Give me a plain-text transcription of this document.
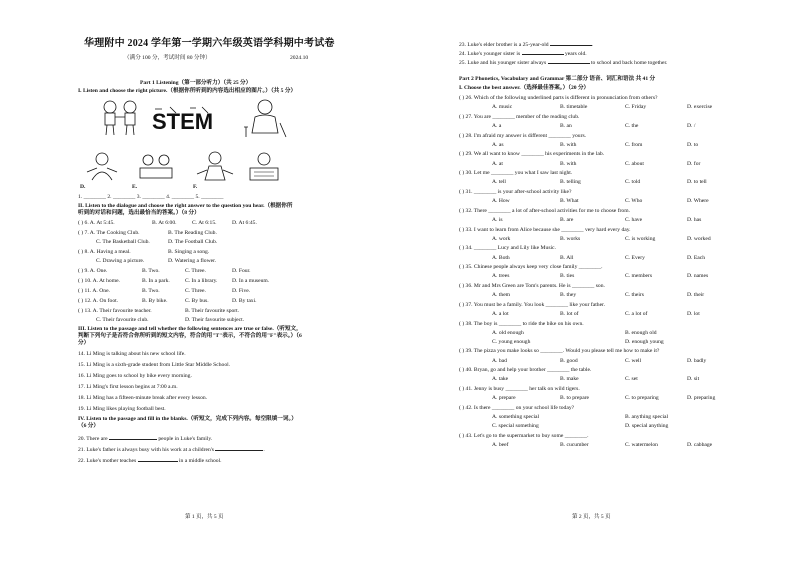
华理附中 2024 学年第一学期六年级英语学科期中考试卷
（满分 100 分，考试时间 80 分钟）	2024.10
Part 1 Listening（第一部分听力）（共 25 分）
I. Listen and choose the right picture.（根据你所听到的内容选出相应的图片。）（共 5 分）
STEM
D.	E.	F.
1. ________ 2. ________ 3. ________ 4. ________ 5. ________
II. Listen to the dialogue and choose the right answer to the question you hear.（根据你所
听到的对话和问题，选出最恰当的答案。）（8 分）
( ) 6. A. At 5:45.	B. At 6:00.	C. At 6:15.	D. At 6:45.
( ) 7. A. The Cooking Club.	B. The Reading Club.
C. The Basketball Club.	D. The Football Club.
( ) 8. A. Having a meal.	B. Singing a song.
C. Drawing a picture.	D. Watering a flower.
( ) 9. A. One.	B. Two.	C. Three.	D. Four.
( ) 10. A. At home.	B. In a park.	C. In a library.	D. In a museum.
( ) 11. A. One.	B. Two.	C. Three.	D. Five.
( ) 12. A. On foot.	B. By bike.	C. By bus.	D. By taxi.
( ) 13. A. Their favourite teacher.	B. Their favourite sport.
C. Their favourite club.	D. Their favourite subject.
III. Listen to the passage and tell whether the following sentences are true or false.（听短文，
判断下列句子是否符合你所听到的短文内容，符合的用"T"表示，不符合的用"F"表示。）（6
分）
14. Li Ming is talking about his new school life.
15. Li Ming is a sixth-grade student from Little Star Middle School.
16. Li Ming goes to school by bike every morning.
17. Li Ming's first lesson begins at 7:00 a.m.
18. Li Ming has a fifteen-minute break after every lesson.
19. Li Ming likes playing football best.
IV. Listen to the passage and fill in the blanks.（听短文，完成下列内容。每空限填一词。）
（6 分）
20. There are	people in Luke's family.
21. Luke's father is always busy with his work at a children's	.
22. Luke's mother teaches	in a middle school.
第 1 页，共 5 页
23. Luke's elder brother is a 25-year-old	.
24. Luke's younger sister is	years old.
25. Luke and his younger sister always	to school and back home together.
Part 2 Phonetics, Vocabulary and Grammar 第二部分 语音、词汇和语法 共 41 分
I. Choose the best answer.（选择最佳答案。）（20 分）
第 2 页，共 5 页
( ) 26. Which of the following underlined parts is different in pronunciation from others?
A. music	B. timetable	C. Friday	D. exercise
( ) 27. You are ________ member of the reading club.
A. a	B. an	C. the	D. /
( ) 28. I'm afraid my answer is different ________ yours.
A. as	B. with	C. from	D. to
( ) 29. We all want to know ________ his experiments in the lab.
A. at	B. with	C. about	D. for
( ) 30. Let me ________ you what I saw last night.
A. tell	B. telling	C. told	D. to tell
( ) 31. ________ is your after-school activity like?
A. How	B. What	C. Who	D. Where
( ) 32. There ________ a lot of after-school activities for me to choose from.
A. is	B. are	C. have	D. has
( ) 33. I want to learn from Alice because she ________ very hard every day.
A. work	B. works	C. is working	D. worked
( ) 34. ________ Lucy and Lily like Music.
A. Both	B. All	C. Every	D. Each
( ) 35. Chinese people always keep very close family ________.
A. trees	B. ties	C. members	D. names
( ) 36. Mr and Mrs Green are Tom's parents. He is ________ son.
A. them	B. they	C. theirs	D. their
( ) 37. You must be a family. You look ________ like your father.
A. a lot	B. lot of	C. a lot of	D. lot
( ) 38. The boy is ________ to ride the bike on his own.
A. old enough	B. enough old
C. young enough	D. enough young
( ) 39. The pizza you make looks so ________. Would you please tell me how to make it?
A. bad	B. good	C. well	D. badly
( ) 40. Bryan, go and help your brother ________ the table.
A. take	B. make	C. set	D. sit
( ) 41. Jenny is busy ________ her talk on wild tigers.
A. prepare	B. to prepare	C. to preparing	D. preparing
( ) 42. Is there ________ on your school life today?
A. something special	B. anything special
C. special something	D. special anything
( ) 43. Let's go to the supermarket to buy some ________.
A. beef	B. cucumber	C. watermelon	D. cabbage
